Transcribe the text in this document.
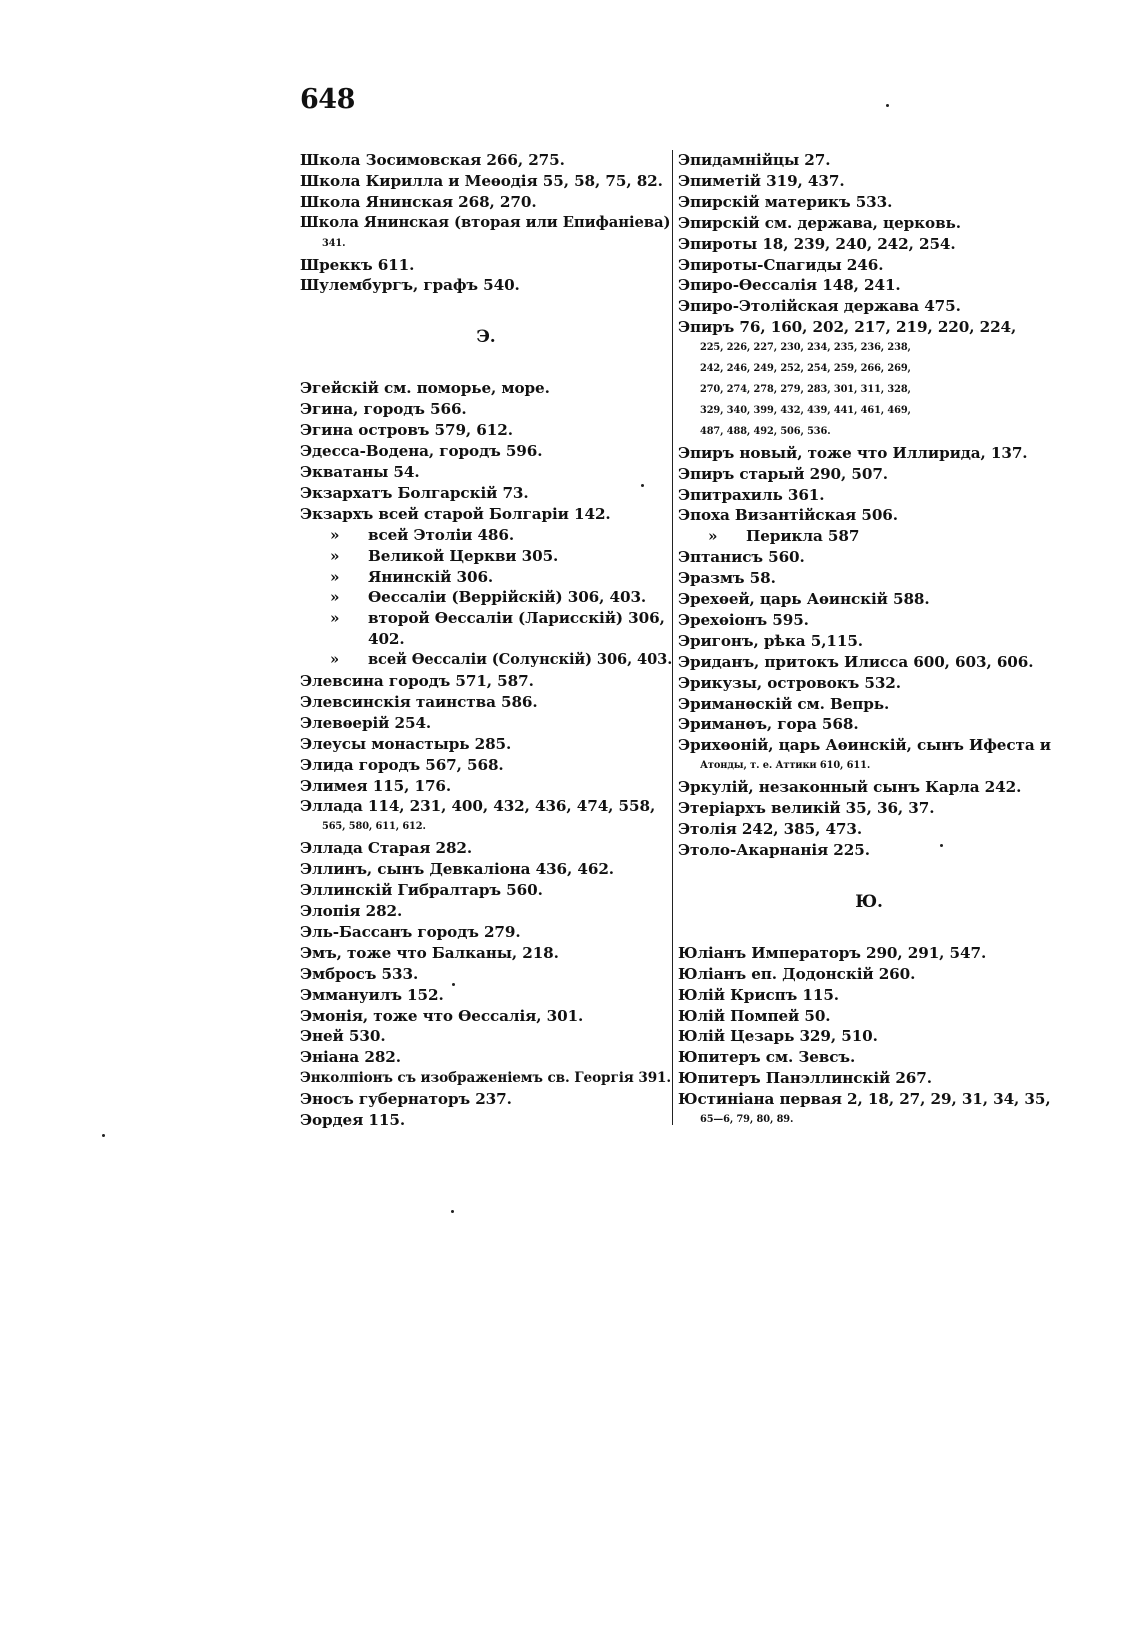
648
Школа Зосимовская 266, 275.
Школа Кирилла и Меѳодія 55, 58, 75, 82.
Школа Янинская 268, 270.
Школа Янинская (вторая или Епифаніева)
341.
Шреккъ 611.
Шулембургъ, графъ 540.
Э.
Эгейскій см. поморье, море.
Эгина, городъ 566.
Эгина островъ 579, 612.
Эдесса-Водена, городъ 596.
Экватаны 54.
Экзархатъ Болгарскій 73.
Экзархъ всей старой Болгаріи 142.
» всей Этоліи 486.
» Великой Церкви 305.
» Янинскій 306.
» Ѳессаліи (Веррійскій) 306, 403.
» второй Ѳессаліи (Ларисскій) 306,
402.
» всей Ѳессаліи (Солунскій) 306, 403.
Элевсина городъ 571, 587.
Элевсинскія таинства 586.
Элевѳерій 254.
Элеусы монастырь 285.
Элида городъ 567, 568.
Элимея 115, 176.
Эллада 114, 231, 400, 432, 436, 474, 558,
565, 580, 611, 612.
Эллада Старая 282.
Эллинъ, сынъ Девкаліона 436, 462.
Эллинскій Гибралтаръ 560.
Элопія 282.
Эль-Бассанъ городъ 279.
Эмъ, тоже что Балканы, 218.
Эмбросъ 533.
Эммануилъ 152.
Эмонія, тоже что Ѳессалія, 301.
Эней 530.
Эніана 282.
Энколпіонъ съ изображеніемъ св. Георгія 391.
Эносъ губернаторъ 237.
Эордея 115.
Эпидамнійцы 27.
Эпиметій 319, 437.
Эпирскій материкъ 533.
Эпирскій см. держава, церковь.
Эпироты 18, 239, 240, 242, 254.
Эпироты-Спагиды 246.
Эпиро-Ѳессалія 148, 241.
Эпиро-Этолійская держава 475.
Эпиръ 76, 160, 202, 217, 219, 220, 224,
225, 226, 227, 230, 234, 235, 236, 238,
242, 246, 249, 252, 254, 259, 266, 269,
270, 274, 278, 279, 283, 301, 311, 328,
329, 340, 399, 432, 439, 441, 461, 469,
487, 488, 492, 506, 536.
Эпиръ новый, тоже что Иллирида, 137.
Эпиръ старый 290, 507.
Эпитрахиль 361.
Эпоха Византійская 506.
» Перикла 587
Эптанисъ 560.
Эразмъ 58.
Эрехѳей, царь Аѳинскій 588.
Эрехѳіонъ 595.
Эригонъ, рѣка 5,115.
Эриданъ, притокъ Илисса 600, 603, 606.
Эрикузы, островокъ 532.
Эриманѳскій см. Вепрь.
Эриманѳъ, гора 568.
Эрихѳоній, царь Аѳинскій, сынъ Ифеста и
Атонды, т. е. Аттики 610, 611.
Эркулій, незаконный сынъ Карла 242.
Этеріархъ великій 35, 36, 37.
Этолія 242, 385, 473.
Этоло-Акарнанія 225.
Ю.
Юліанъ Императоръ 290, 291, 547.
Юліанъ еп. Додонскій 260.
Юлій Криспъ 115.
Юлій Помпей 50.
Юлій Цезарь 329, 510.
Юпитеръ см. Зевсъ.
Юпитеръ Панэллинскій 267.
Юстиніана первая 2, 18, 27, 29, 31, 34, 35,
65—6, 79, 80, 89.
